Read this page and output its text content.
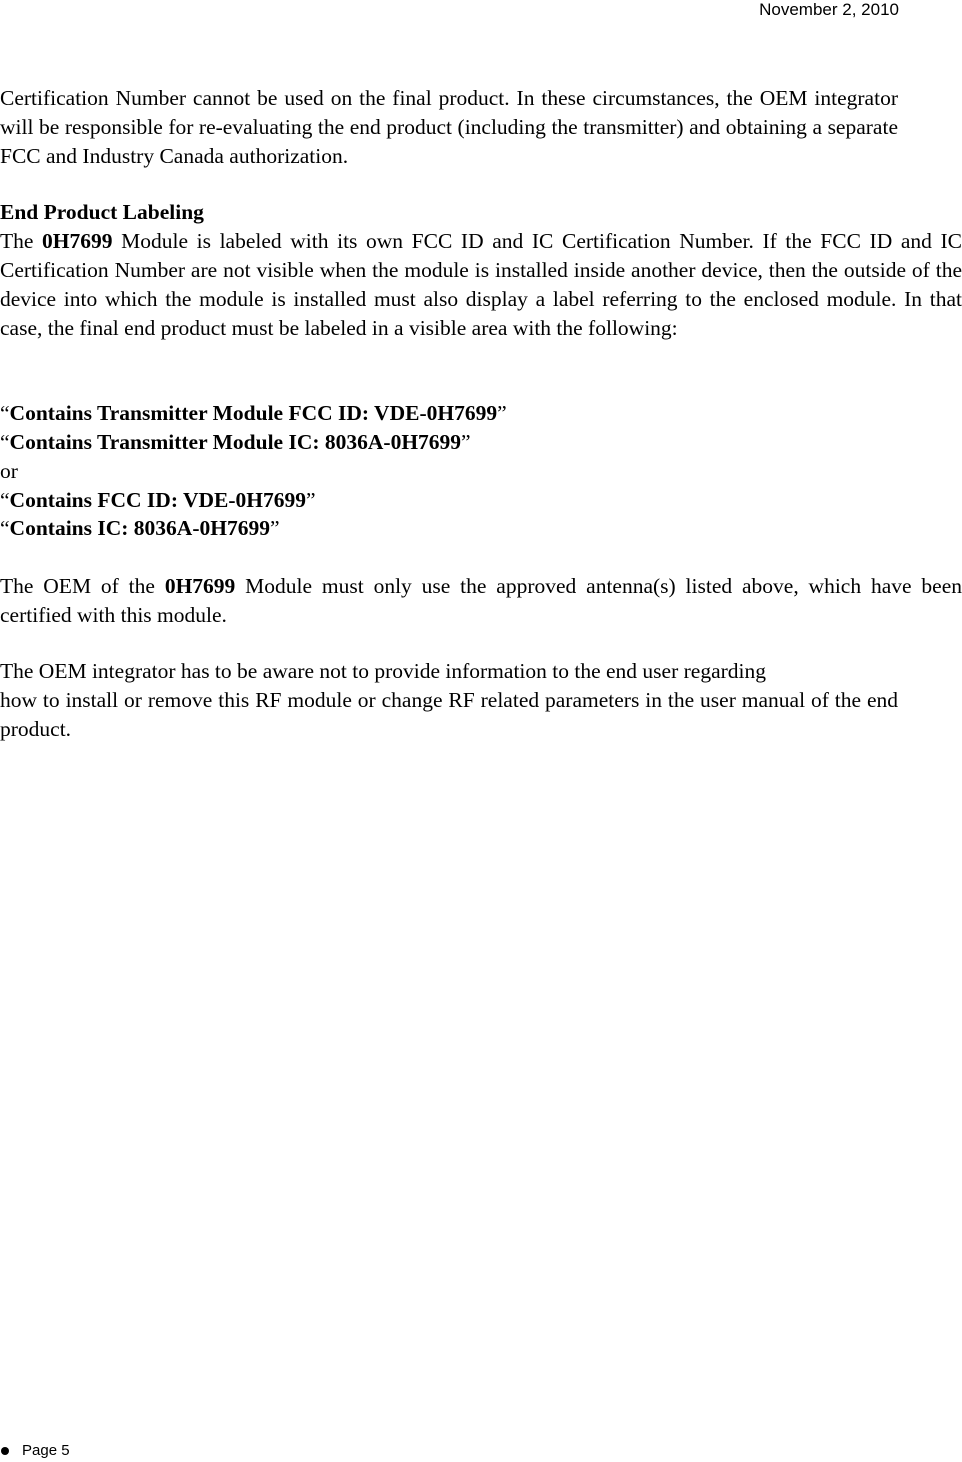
November 2, 2010

Certification Number cannot be used on the final product. In these circumstances, the OEM integrator will be responsible for re-evaluating the end product (including the transmitter) and obtaining a separate FCC and Industry Canada authorization.

End Product Labeling

The 0H7699 Module is labeled with its own FCC ID and IC Certification Number. If the FCC ID and IC Certification Number are not visible when the module is installed inside another device, then the outside of the device into which the module is installed must also display a label referring to the enclosed module. In that case, the final end product must be labeled in a visible area with the following:

“Contains Transmitter Module FCC ID: VDE-0H7699”
“Contains Transmitter Module IC: 8036A-0H7699”
or
“Contains FCC ID: VDE-0H7699”
“Contains IC: 8036A-0H7699”

The OEM of the 0H7699 Module must only use the approved antenna(s) listed above, which have been certified with this module.

The OEM integrator has to be aware not to provide information to the end user regarding

how to install or remove this RF module or change RF related parameters in the user manual of the end product.

Page 5
